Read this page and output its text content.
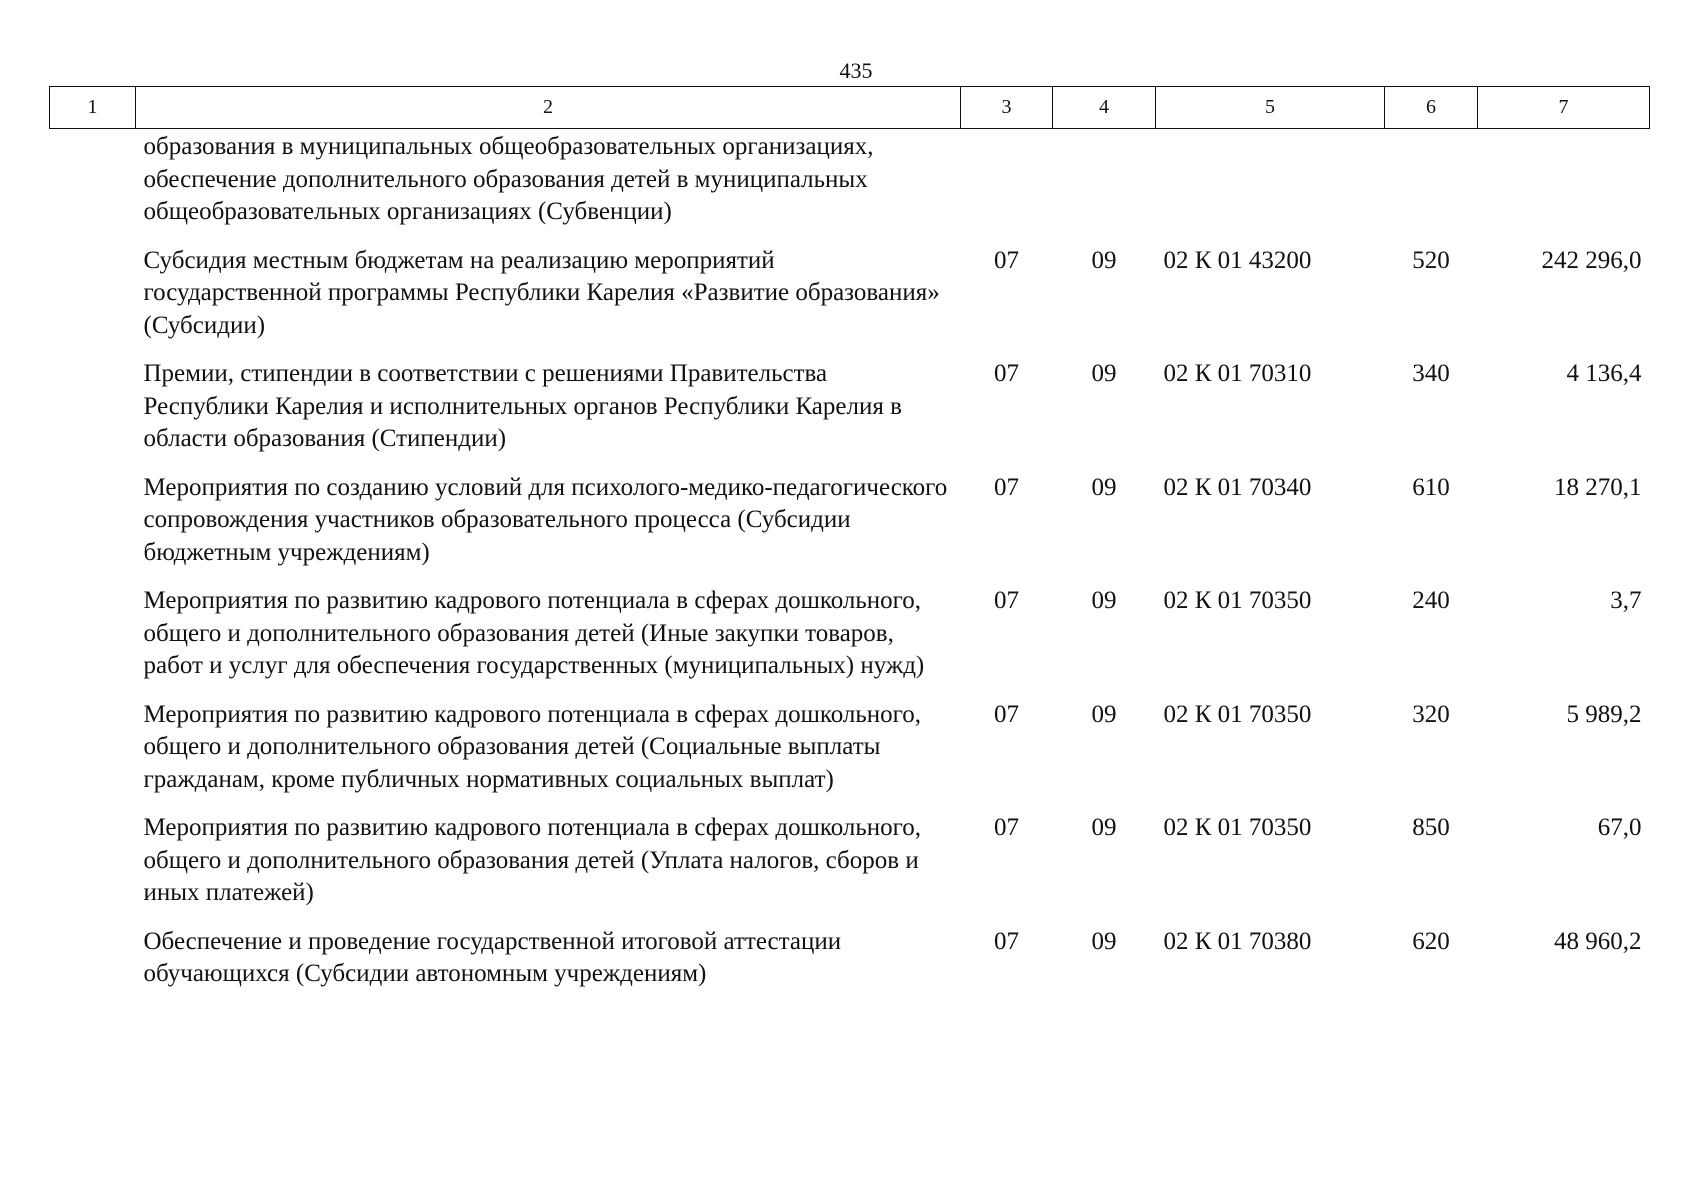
435
1	2	3	4	5	6	7
	образования в муниципальных общеобразовательных организациях, обеспечение дополнительного образования детей в муниципальных общеобразовательных организациях (Субвенции)					
	Субсидия местным бюджетам на реализацию мероприятий государственной программы Республики Карелия «Развитие образования» (Субсидии)	07	09	02 К 01 43200	520	242 296,0
	Премии, стипендии в соответствии с решениями Правительства Республики Карелия и исполнительных органов Республики Карелия в области образования (Стипендии)	07	09	02 К 01 70310	340	4 136,4
	Мероприятия по созданию условий для психолого-медико-педагогического сопровождения участников образовательного процесса (Субсидии бюджетным учреждениям)	07	09	02 К 01 70340	610	18 270,1
	Мероприятия по развитию кадрового потенциала в сферах дошкольного, общего и дополнительного образования детей (Иные закупки товаров, работ и услуг для обеспечения государственных (муниципальных) нужд)	07	09	02 К 01 70350	240	3,7
	Мероприятия по развитию кадрового потенциала в сферах дошкольного, общего и дополнительного образования детей (Социальные выплаты гражданам, кроме публичных нормативных социальных выплат)	07	09	02 К 01 70350	320	5 989,2
	Мероприятия по развитию кадрового потенциала в сферах дошкольного, общего и дополнительного образования детей (Уплата налогов, сборов и иных платежей)	07	09	02 К 01 70350	850	67,0
	Обеспечение и проведение государственной итоговой аттестации обучающихся (Субсидии автономным учреждениям)	07	09	02 К 01 70380	620	48 960,2
